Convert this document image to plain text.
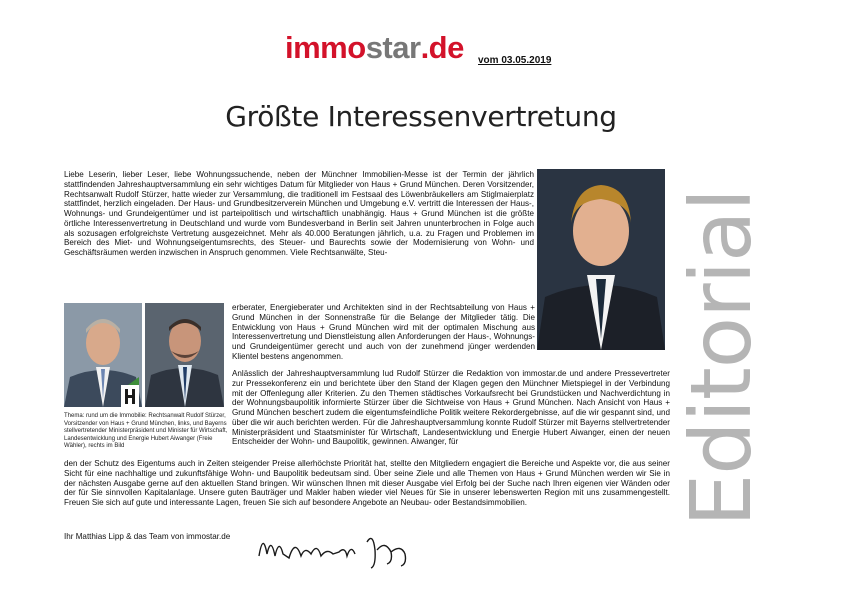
immo star .de vom 03.05.2019
Größte Interessenvertretung
Liebe Leserin, lieber Leser, liebe Wohnungssuchende, neben der Münchner Immobilien-Messe ist der Termin der jährlich stattfindenden Jahreshauptversammlung ein sehr wichtiges Datum für Mitglieder von Haus + Grund München. Deren Vorsitzender, Rechtsanwalt Rudolf Stürzer, hatte wieder zur Versammlung, die traditionell im Festsaal des Löwenbräukellers am Stiglmaierplatz stattfindet, herzlich eingeladen. Der Haus- und Grundbesitzerverein München und Umgebung e.V. vertritt die Interessen der Haus-, Wohnungs- und Grundeigentümer und ist parteipolitisch und wirtschaftlich unabhängig. Haus + Grund München ist die größte örtliche Interessenvertretung in Deutschland und wurde vom Bundesverband in Berlin seit Jahren ununterbrochen in Folge auch als sozusagen erfolgreichste Vertretung ausgezeichnet. Mehr als 40.000 Beratungen jährlich, u.a. zu Fragen und Problemen im Bereich des Miet- und Wohnungseigentumsrechts, des Steuer- und Baurechts sowie der Modernisierung von Wohn- und Geschäftsräumen werden inzwischen in Anspruch genommen. Viele Rechtsanwälte, Steu-
Thema: rund um die Immobilie: Rechtsanwalt Rudolf Stürzer, Vorsitzender von Haus + Grund München, links, und Bayerns stellvertretender Ministerpräsident und Minister für Wirtschaft, Landesentwicklung und Energie Hubert Aiwanger (Freie Wähler), rechts im Bild
erberater, Energieberater und Architekten sind in der Rechtsabteilung von Haus + Grund München in der Sonnenstraße für die Belange der Mitglieder tätig. Die Entwicklung von Haus + Grund München wird mit der optimalen Mischung aus Interessenvertretung und Dienstleistung allen Anforderungen der Haus-, Wohnungs- und Grundeigentümer gerecht und auch von der zunehmend jünger werdenden Klientel bestens angenommen.
Anlässlich der Jahreshauptversammlung lud Rudolf Stürzer die Redaktion von immostar.de und andere Pressevertreter zur Pressekonferenz ein und berichtete über den Stand der Klagen gegen den Münchner Mietspiegel in der Verbindung mit der Offenlegung aller Kriterien. Zu den Themen städtisches Vorkaufsrecht bei Grundstücken und Nachverdichtung in der Wohnungsbaupolitik informierte Stürzer über die Sichtweise von Haus + Grund München. Nach Ansicht von Haus + Grund München beschert zudem die eigentumsfeindliche Politik weitere Rekordergebnisse, auf die wir gespannt sind, und über die wir auch berichten werden. Für die Jahreshauptversammlung konnte Rudolf Stürzer mit Bayerns stellvertretender Ministerpräsident und Staatsminister für Wirtschaft, Landesentwicklung und Energie Hubert Aiwanger, einen der neuen Entscheider der Wohn- und Baupolitik, gewinnen. Aiwanger, für
den der Schutz des Eigentums auch in Zeiten steigender Preise allerhöchste Priorität hat, stellte den Mitgliedern engagiert die Bereiche und Aspekte vor, die aus seiner Sicht für eine nachhaltige und zukunftsfähige Wohn- und Baupolitik bedeutsam sind. Über seine Ziele und alle Themen von Haus + Grund München werden wir Sie in der nächsten Ausgabe gerne auf den aktuellen Stand bringen. Wir wünschen Ihnen mit dieser Ausgabe viel Erfolg bei der Suche nach Ihren eigenen vier Wänden oder der für Sie sinnvollen Kapitalanlage. Unsere guten Bauträger und Makler haben wieder viel Neues für Sie in unserer lebenswerten Region mit uns zusammengestellt. Freuen Sie sich auf gute und interessante Lagen, freuen Sie sich auf besondere Angebote an Neubau- oder Bestandsimmobilien.
Ihr Matthias Lipp & das Team von immostar.de
Editorial
